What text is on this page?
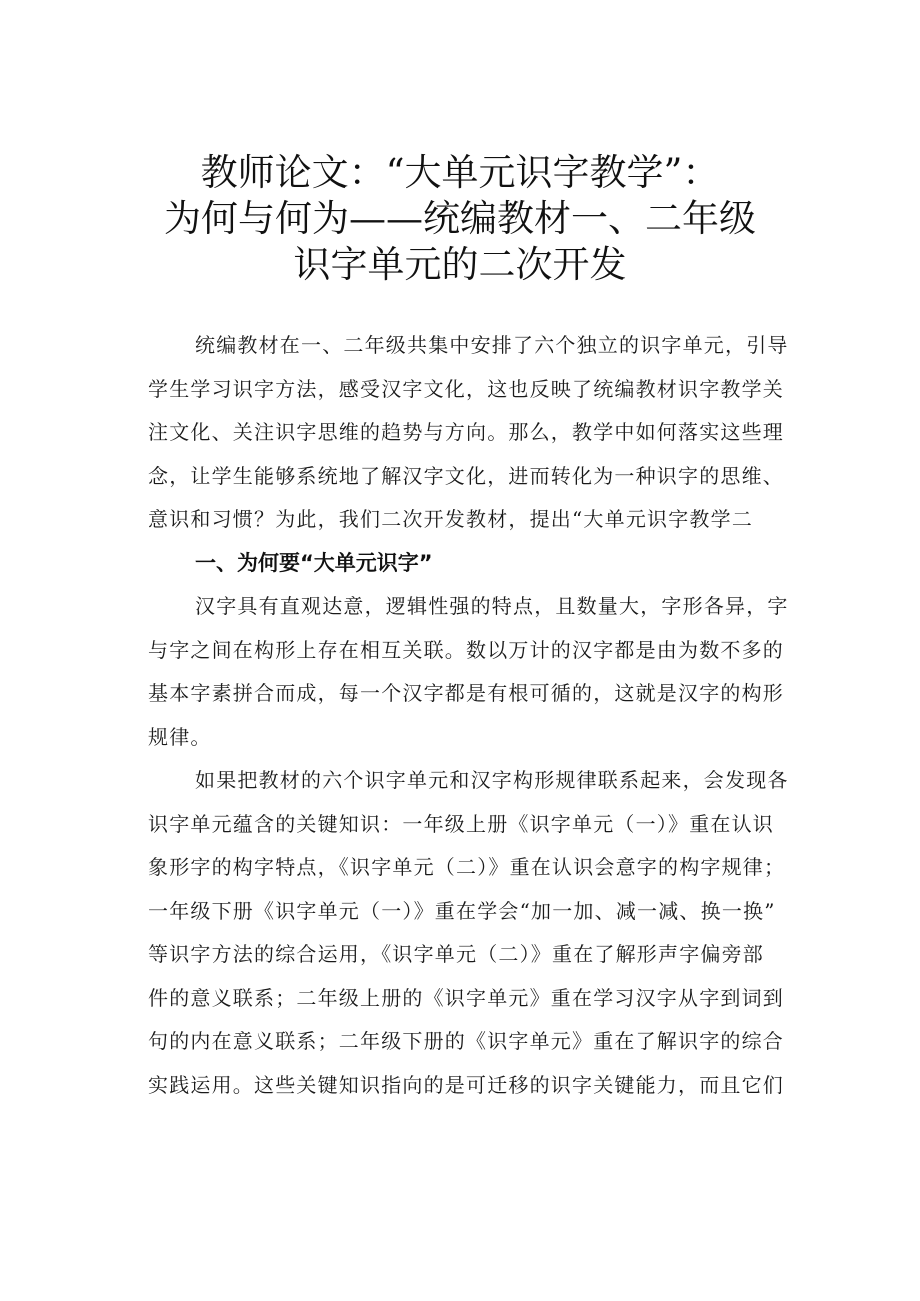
教师论文：“大单元识字教学”：
为何与何为——统编教材一、二年级
识字单元的二次开发
统编教材在一、二年级共集中安排了六个独立的识字单元，引导
学生学习识字方法，感受汉字文化，这也反映了统编教材识字教学关
注文化、关注识字思维的趋势与方向。那么，教学中如何落实这些理
念，让学生能够系统地了解汉字文化，进而转化为一种识字的思维、
意识和习惯？为此，我们二次开发教材，提出“大单元识字教学二
一、为何要“大单元识字”
汉字具有直观达意，逻辑性强的特点，且数量大，字形各异，字
与字之间在构形上存在相互关联。数以万计的汉字都是由为数不多的
基本字素拼合而成，每一个汉字都是有根可循的，这就是汉字的构形
规律。
如果把教材的六个识字单元和汉字构形规律联系起来，会发现各
识字单元蕴含的关键知识：一年级上册《识字单元（一）》重在认识
象形字的构字特点，《识字单元（二）》重在认识会意字的构字规律；
一年级下册《识字单元（一）》重在学会“加一加、减一减、换一换”
等识字方法的综合运用，《识字单元（二）》重在了解形声字偏旁部
件的意义联系；二年级上册的《识字单元》重在学习汉字从字到词到
句的内在意义联系；二年级下册的《识字单元》重在了解识字的综合
实践运用。这些关键知识指向的是可迁移的识字关键能力，而且它们
